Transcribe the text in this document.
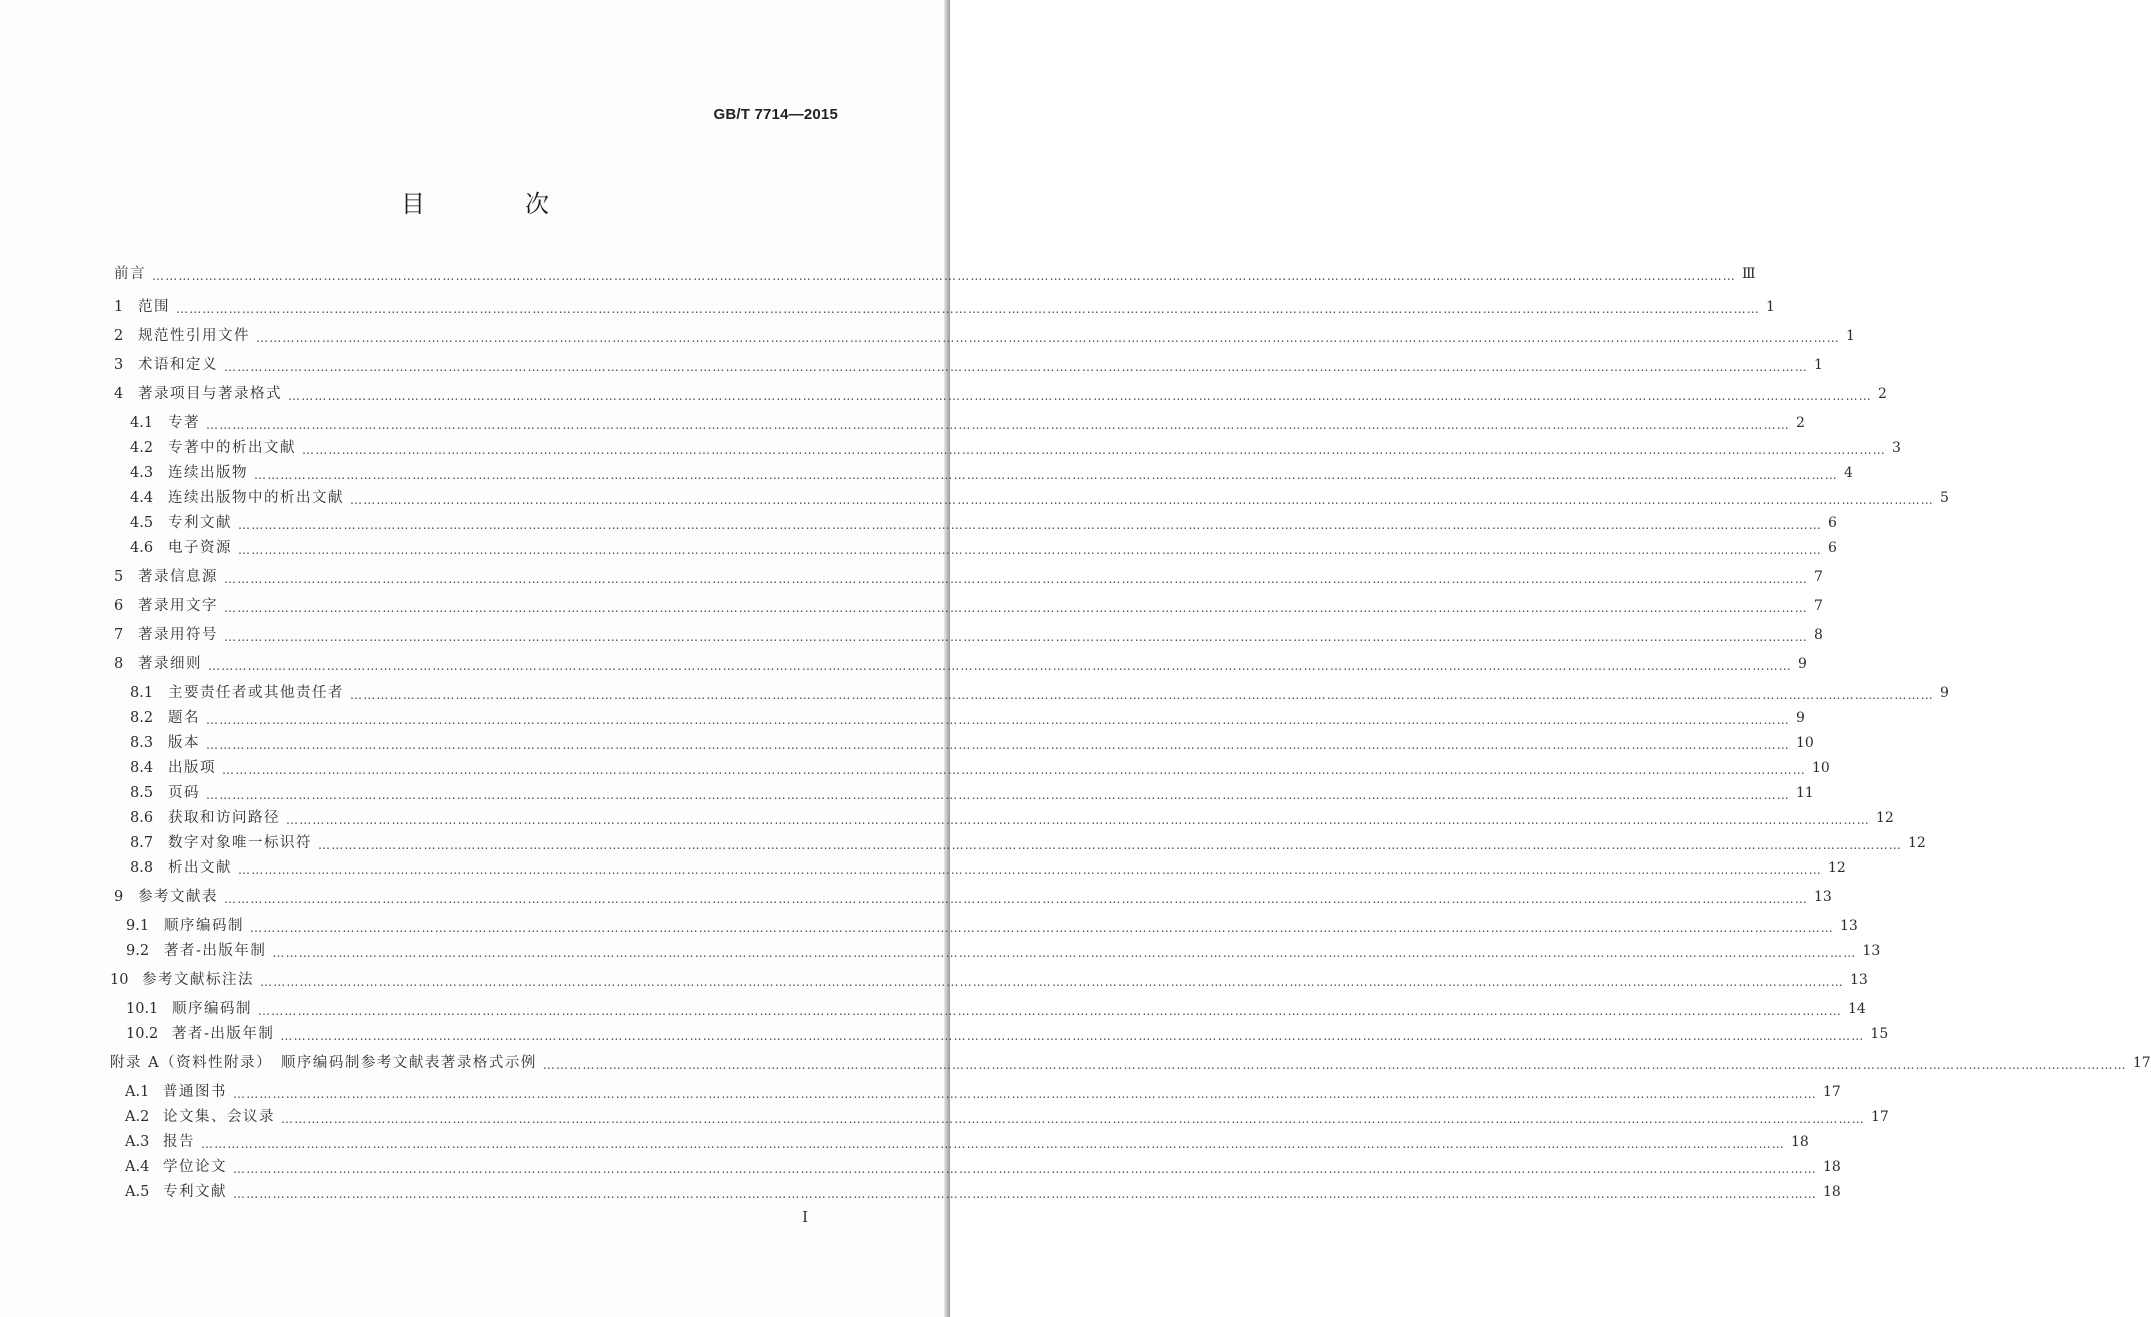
GB/T 7714—2015
目　次
前言 ……………………………………………………………………………………………………………………………………………………………………………………………………………………………………………………………………………………………………………………………… Ⅲ
1	范围 ……………………………………………………………………………………………………………………………………………………………………………………………………………………………………………………………………………………………………………………………… 1
2	规范性引用文件 ……………………………………………………………………………………………………………………………………………………………………………………………………………………………………………………………………………………………………………………………… 1
3	术语和定义 ……………………………………………………………………………………………………………………………………………………………………………………………………………………………………………………………………………………………………………………………… 1
4	著录项目与著录格式 ……………………………………………………………………………………………………………………………………………………………………………………………………………………………………………………………………………………………………………………………… 2
4.1	专著 ……………………………………………………………………………………………………………………………………………………………………………………………………………………………………………………………………………………………………………………………… 2
4.2	专著中的析出文献 ……………………………………………………………………………………………………………………………………………………………………………………………………………………………………………………………………………………………………………………………… 3
4.3	连续出版物 ……………………………………………………………………………………………………………………………………………………………………………………………………………………………………………………………………………………………………………………………… 4
4.4	连续出版物中的析出文献 ……………………………………………………………………………………………………………………………………………………………………………………………………………………………………………………………………………………………………………………………… 5
4.5	专利文献 ……………………………………………………………………………………………………………………………………………………………………………………………………………………………………………………………………………………………………………………………… 6
4.6	电子资源 ……………………………………………………………………………………………………………………………………………………………………………………………………………………………………………………………………………………………………………………………… 6
5	著录信息源 ……………………………………………………………………………………………………………………………………………………………………………………………………………………………………………………………………………………………………………………………… 7
6	著录用文字 ……………………………………………………………………………………………………………………………………………………………………………………………………………………………………………………………………………………………………………………………… 7
7	著录用符号 ……………………………………………………………………………………………………………………………………………………………………………………………………………………………………………………………………………………………………………………………… 8
8	著录细则 ……………………………………………………………………………………………………………………………………………………………………………………………………………………………………………………………………………………………………………………………… 9
8.1	主要责任者或其他责任者 ……………………………………………………………………………………………………………………………………………………………………………………………………………………………………………………………………………………………………………………………… 9
8.2	题名 ……………………………………………………………………………………………………………………………………………………………………………………………………………………………………………………………………………………………………………………………… 9
8.3	版本 ……………………………………………………………………………………………………………………………………………………………………………………………………………………………………………………………………………………………………………………………… 10
8.4	出版项 ……………………………………………………………………………………………………………………………………………………………………………………………………………………………………………………………………………………………………………………………… 10
8.5	页码 ……………………………………………………………………………………………………………………………………………………………………………………………………………………………………………………………………………………………………………………………… 11
8.6	获取和访问路径 ……………………………………………………………………………………………………………………………………………………………………………………………………………………………………………………………………………………………………………………………… 12
8.7	数字对象唯一标识符 ……………………………………………………………………………………………………………………………………………………………………………………………………………………………………………………………………………………………………………………………… 12
8.8	析出文献 ……………………………………………………………………………………………………………………………………………………………………………………………………………………………………………………………………………………………………………………………… 12
9	参考文献表 ……………………………………………………………………………………………………………………………………………………………………………………………………………………………………………………………………………………………………………………………… 13
9.1	顺序编码制 ……………………………………………………………………………………………………………………………………………………………………………………………………………………………………………………………………………………………………………………………… 13
9.2	著者-出版年制 ……………………………………………………………………………………………………………………………………………………………………………………………………………………………………………………………………………………………………………………………… 13
10 参考文献标注法 ……………………………………………………………………………………………………………………………………………………………………………………………………………………………………………………………………………………………………………………………… 13
10.1 顺序编码制 ……………………………………………………………………………………………………………………………………………………………………………………………………………………………………………………………………………………………………………………………… 14
10.2 著者-出版年制 ……………………………………………………………………………………………………………………………………………………………………………………………………………………………………………………………………………………………………………………………… 15
附录 A（资料性附录）　顺序编码制参考文献表著录格式示例 ……………………………………………………………………………………………………………………………………………………………………………………………………………………………………………………………………………………………………………………………… 17
A.1 普通图书 ……………………………………………………………………………………………………………………………………………………………………………………………………………………………………………………………………………………………………………………………… 17
A.2 论文集、会议录 ……………………………………………………………………………………………………………………………………………………………………………………………………………………………………………………………………………………………………………………………… 17
A.3 报告 ……………………………………………………………………………………………………………………………………………………………………………………………………………………………………………………………………………………………………………………………… 18
A.4 学位论文 ……………………………………………………………………………………………………………………………………………………………………………………………………………………………………………………………………………………………………………………………… 18
A.5 专利文献 ……………………………………………………………………………………………………………………………………………………………………………………………………………………………………………………………………………………………………………………………… 18
I
